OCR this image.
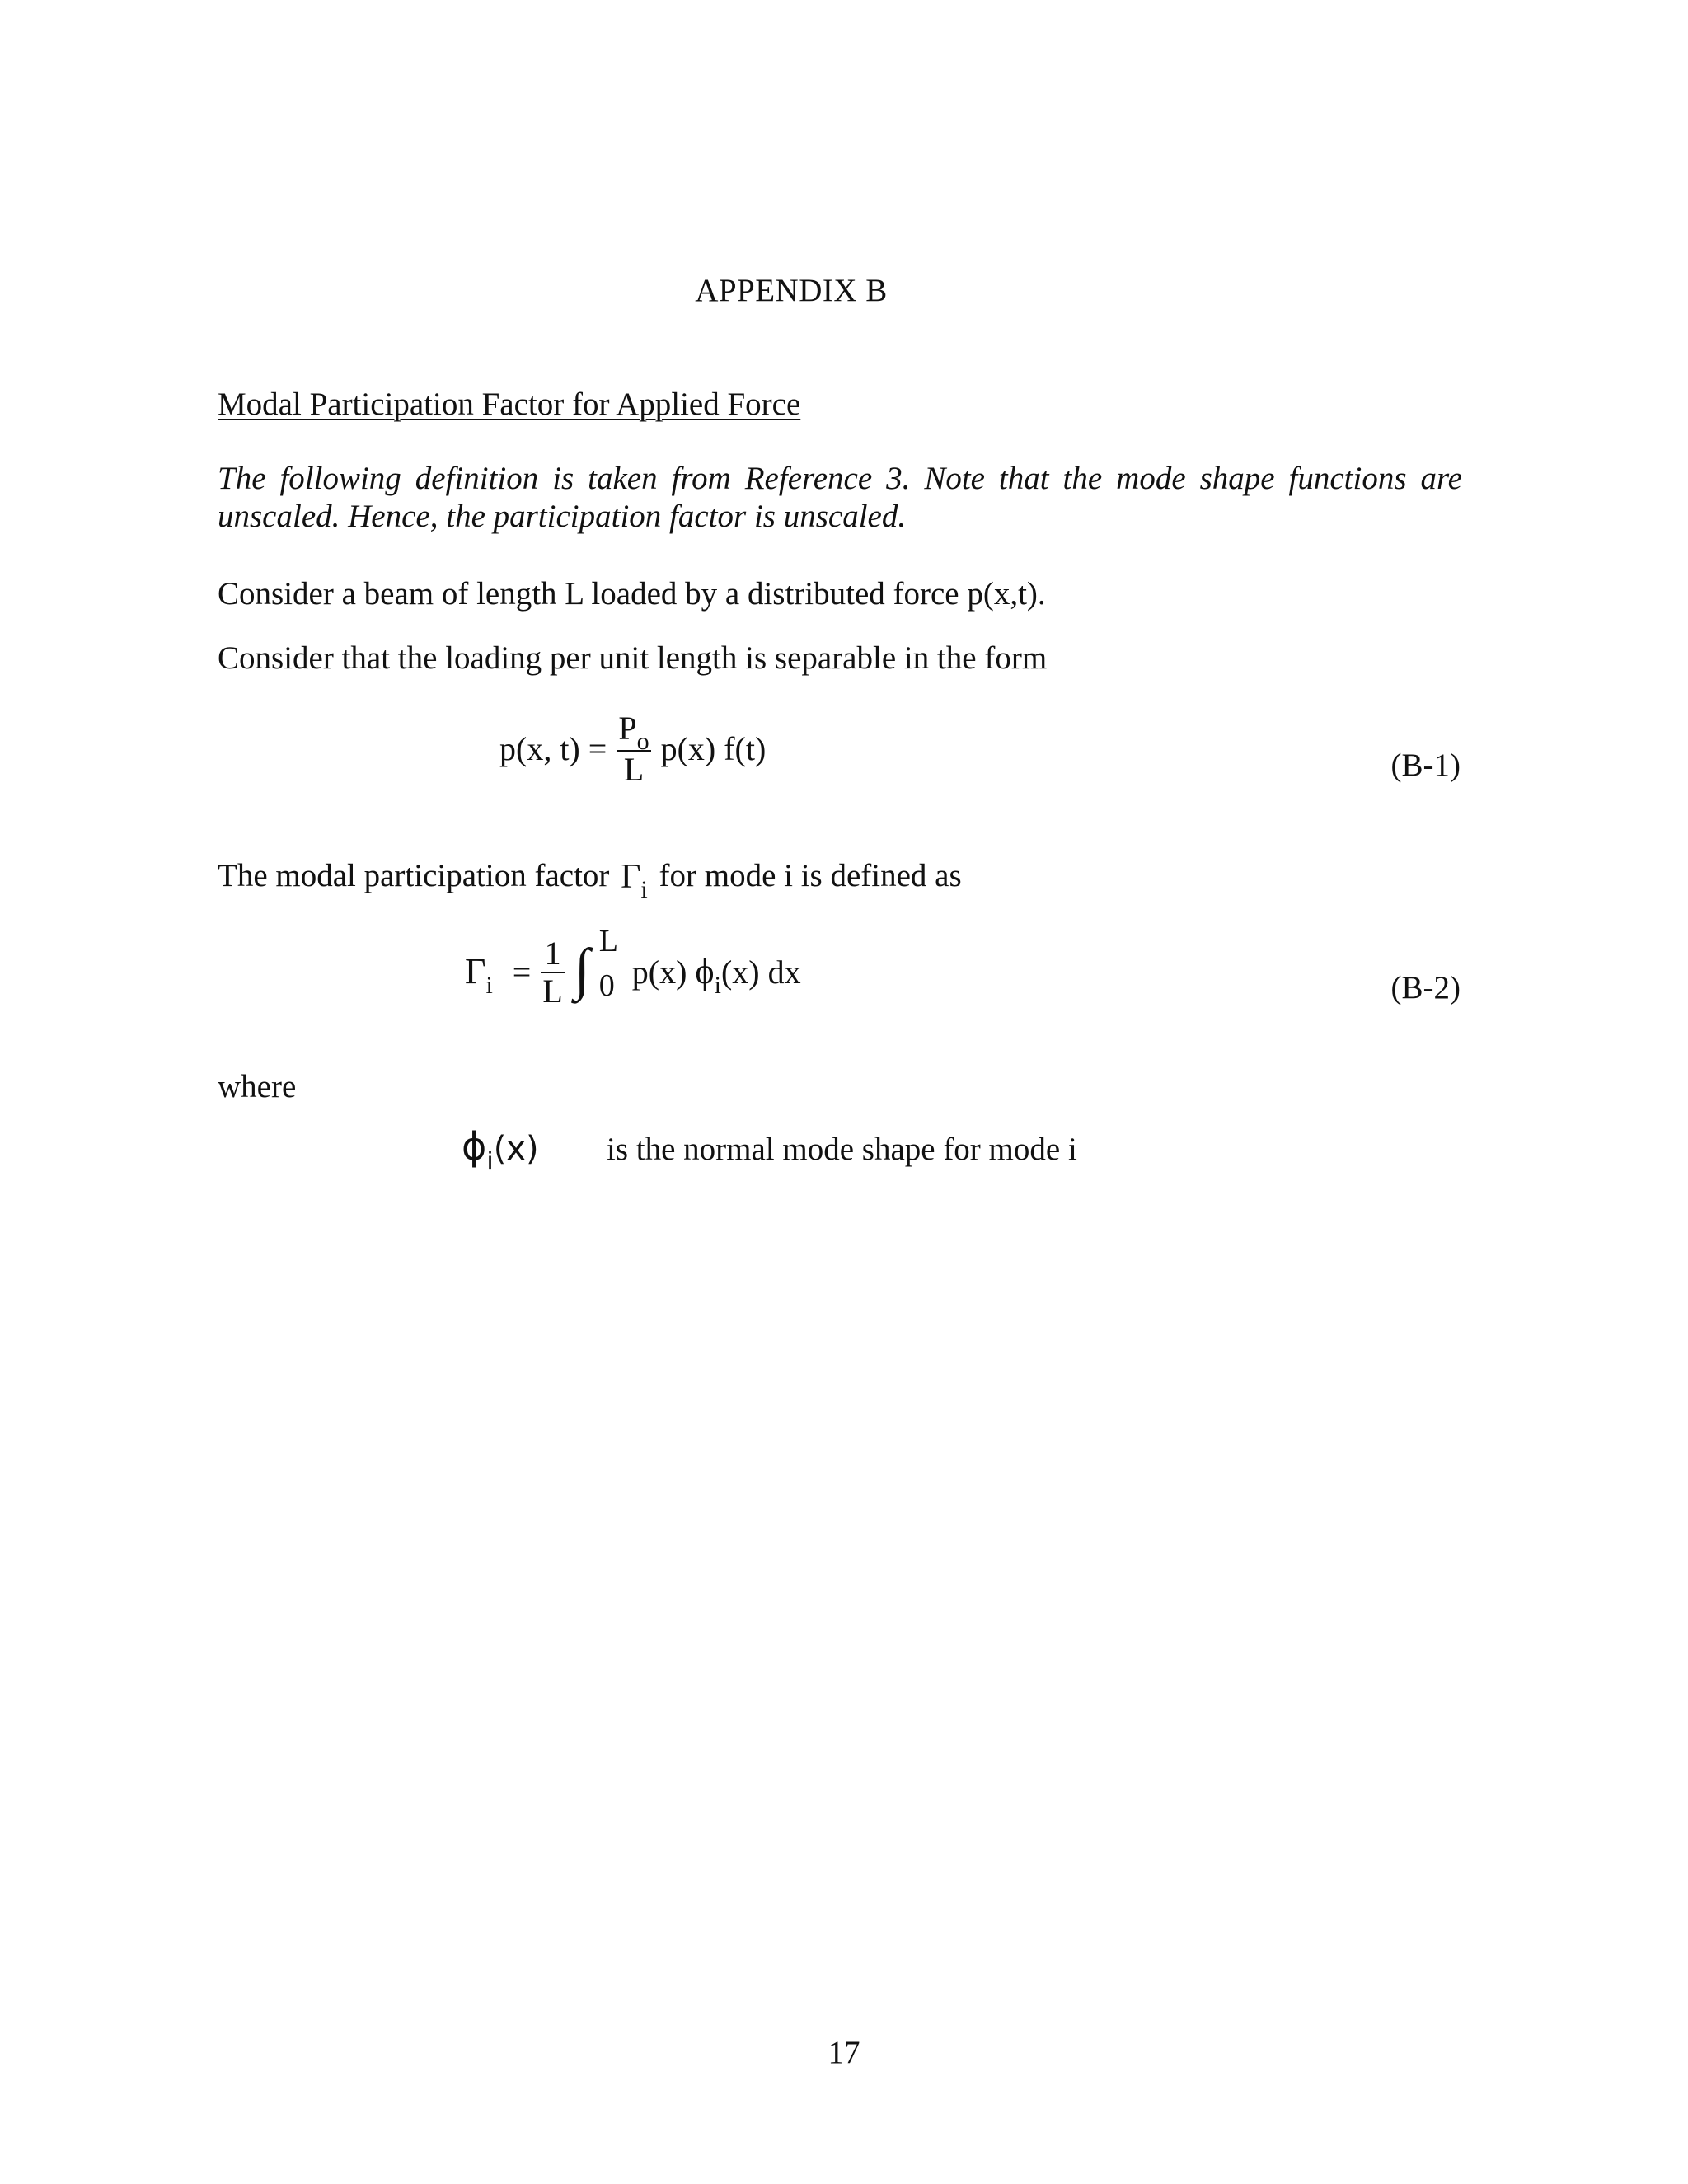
APPENDIX B
Modal Participation Factor for Applied Force
The following definition is taken from Reference 3. Note that the mode shape functions are unscaled. Hence, the participation factor is unscaled.
Consider a beam of length L loaded by a distributed force p(x,t).
Consider that the loading per unit length is separable in the form
p(x, $t) = \frac{P_o}{L} p(x)$ f(t)	(B-1)
The modal participation factor $\Gamma_i$ for mode i is defined as
$\Gamma_i = \frac{1}{L}$ ∫ L
0 p(x) $\phi_i(x)$ dx	(B-2)
where
$\phi_i(x)$ is the normal mode shape for mode i
17
